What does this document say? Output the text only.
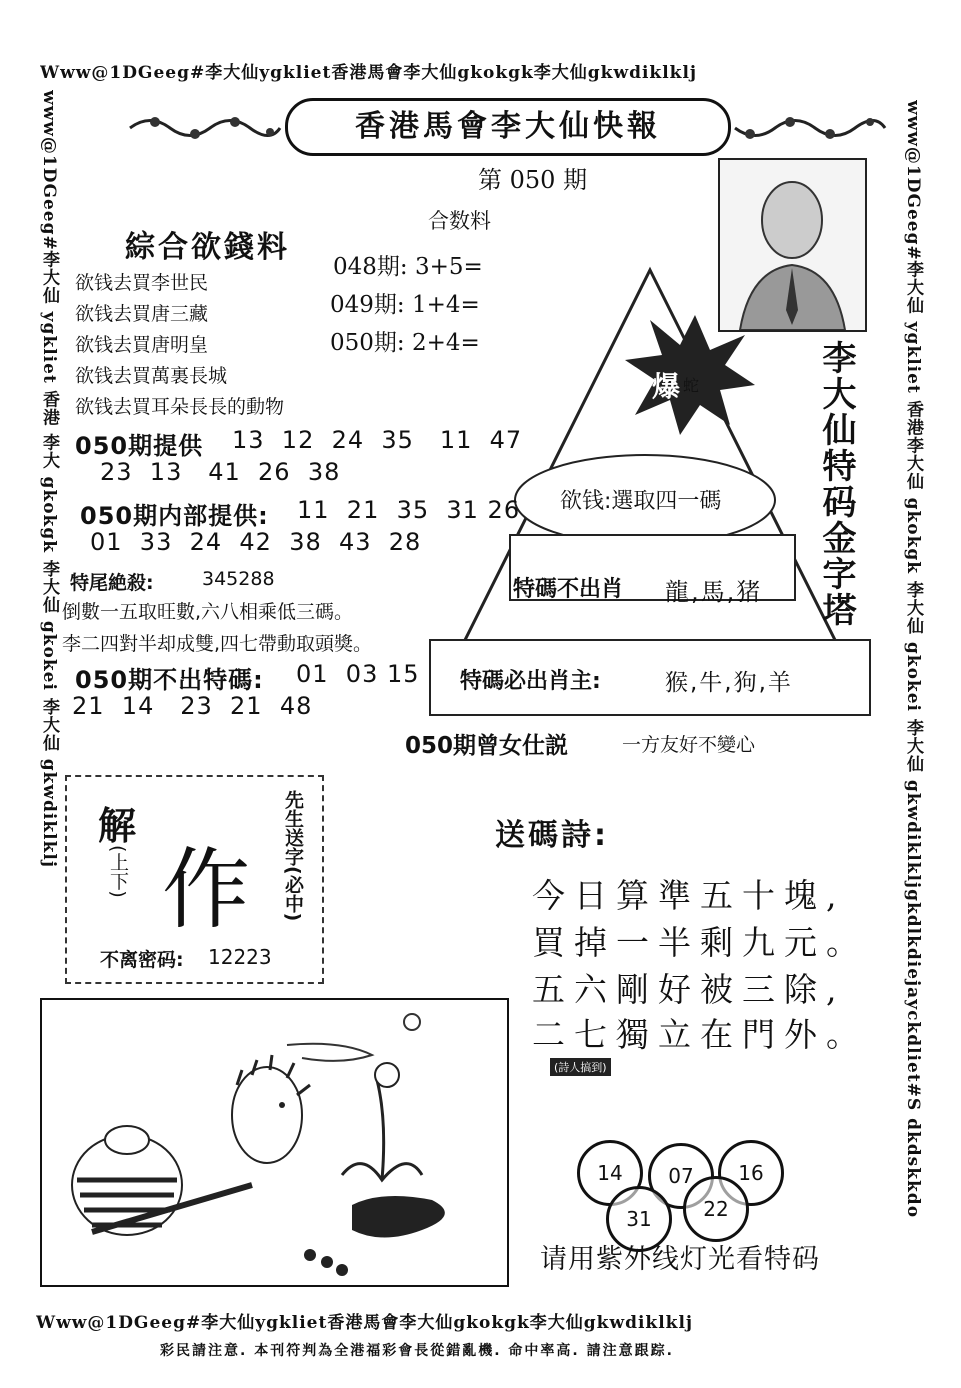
Www@1DGeeg#李大仙ygkliet香港馬會李大仙gkokgk李大仙gkwdiklklj
www@1DGeeg#李大仙 ygkliet 香港 李大 gkokgk 李大仙 gkokei 李大仙 gkwdiklklj	www@1DGeeg#李大仙 ygkliet 香港李大仙 gkokgk 李大仙 gkokei 李大仙 gkwdiklkljgkdlkdiejayckdliet#S dkdskkdo
Www@1DGeeg#李大仙ygkliet香港馬會李大仙gkokgk李大仙gkwdiklklj
彩民請注意. 本刊符判為全港福彩會長從錯亂機. 命中率高. 請注意跟踪.
香港馬會李大仙快報
第 050 期
合数料
048期: 3+5=
049期: 1+4=
050期: 2+4=
爆 蛇
欲钱:選取四一碼
特碼不出肖 龍,馬,猪
特碼必出肖主:	猴,牛,狗,羊
李大仙特码金字塔
綜合欲錢料
欲钱去買李世民
欲钱去買唐三藏
欲钱去買唐明皇
欲钱去買萬裏長城
欲钱去買耳朵長長的動物
050期提供 13  12  24  35   11  47
23  13   41  26  38
050期内部提供: 11  21  35  31 26
01  33  24  42  38  43  28
特尾絶殺:	345288
倒數一五取旺數,六八相乘低三碼。
李二四對半却成雙,四七帶動取頭獎。
050期不出特碼: 01  03 15
21  14   23  21  48
050期曾女仕説	一方友好不變心
解
(上下) 作 先生送字(必中)
不离密码: 12223
送碼詩:
今日算準五十塊,
買掉一半剩九元。
五六剛好被三除,
二七獨立在門外。
(詩人搞到)
14	07	16
31	22
请用紫外线灯光看特码
